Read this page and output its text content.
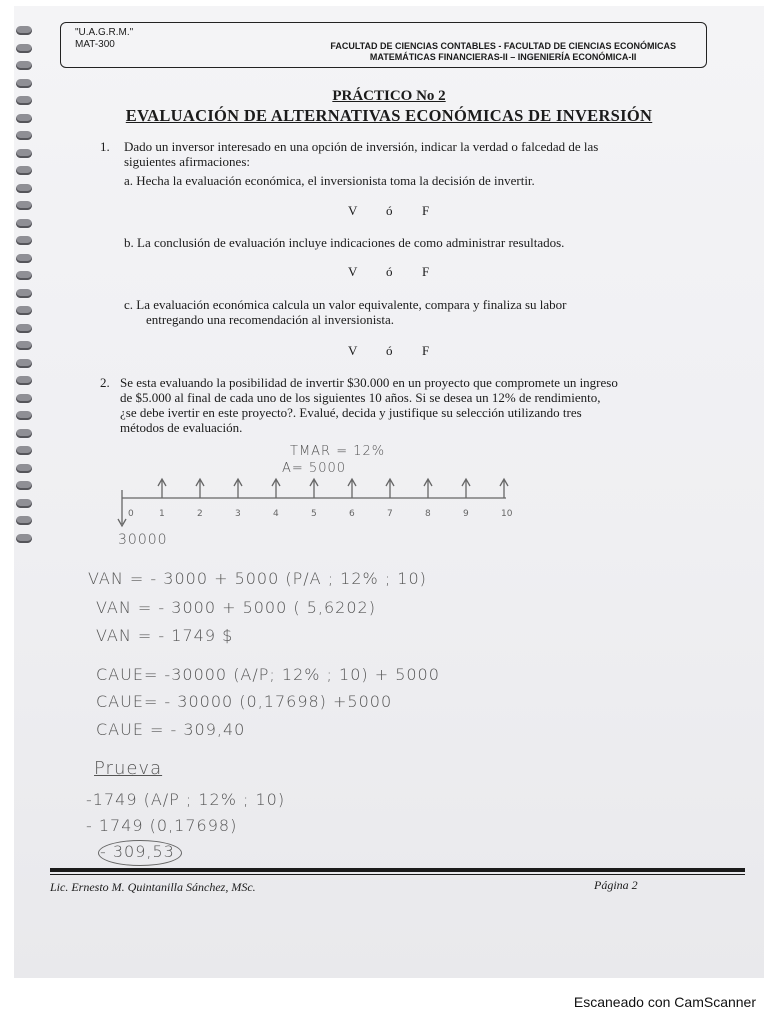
"U.A.G.R.M."
MAT-300	FACULTAD DE CIENCIAS CONTABLES - FACULTAD DE CIENCIAS ECONÓMICAS
MATEMÁTICAS FINANCIERAS-II – INGENIERÍA ECONÓMICA-II
PRÁCTICO No 2
EVALUACIÓN DE ALTERNATIVAS ECONÓMICAS DE INVERSIÓN
1. Dado un inversor interesado en una opción de inversión, indicar la verdad o falcedad de las
siguientes afirmaciones:
a. Hecha la evaluación económica, el inversionista toma la decisión de invertir.
V ó F
b. La conclusión de evaluación incluye indicaciones de como administrar resultados.
V ó F
c. La evaluación económica calcula un valor equivalente, compara y finaliza su labor
entregando una recomendación al inversionista.
V ó F
2. Se esta evaluando la posibilidad de invertir $30.000 en un proyecto que compromete un ingreso
de $5.000 al final de cada uno de los siguientes 10 años. Si se desea un 12% de rendimiento,
¿se debe ivertir en este proyecto?. Evalué, decida y justifique su selección utilizando tres
métodos de evaluación.
TMAR = 12%
A= 5000
0	1	2	3	4	5	6	7	8	9	10
30000
VAN = - 3000 + 5000 (P/A ; 12% ; 10)
VAN = - 3000 + 5000 ( 5,6202)
VAN = - 1749 $
CAUE= -30000 (A/P; 12% ; 10) + 5000
CAUE= - 30000 (0,17698) +5000
CAUE = - 309,40
Prueva
-1749 (A/P ; 12% ; 10)
- 1749 (0,17698)
- 309,53
Lic. Ernesto M. Quintanilla Sánchez, MSc.	Página 2
Escaneado con CamScanner
